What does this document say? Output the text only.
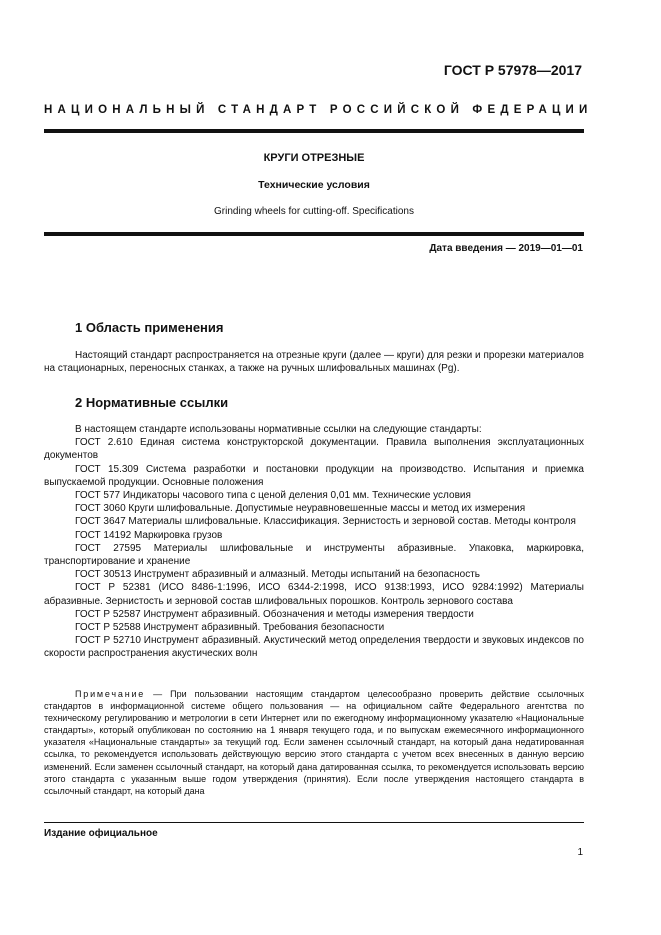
ГОСТ Р 57978—2017
НАЦИОНАЛЬНЫЙ СТАНДАРТ РОССИЙСКОЙ ФЕДЕРАЦИИ
КРУГИ ОТРЕЗНЫЕ
Технические условия
Grinding wheels for cutting-off. Specifications
Дата введения — 2019—01—01
1 Область применения

Настоящий стандарт распространяется на отрезные круги (далее — круги) для резки и прорезки материалов на стационарных, переносных станках, а также на ручных шлифовальных машинах (Pg).

2 Нормативные ссылки

В настоящем стандарте использованы нормативные ссылки на следующие стандарты:

ГОСТ 2.610 Единая система конструкторской документации. Правила выполнения эксплуатационных документов

ГОСТ 15.309 Система разработки и постановки продукции на производство. Испытания и приемка выпускаемой продукции. Основные положения

ГОСТ 577 Индикаторы часового типа с ценой деления 0,01 мм. Технические условия

ГОСТ 3060 Круги шлифовальные. Допустимые неуравновешенные массы и метод их измерения

ГОСТ 3647 Материалы шлифовальные. Классификация. Зернистость и зерновой состав. Методы контроля

ГОСТ 14192 Маркировка грузов

ГОСТ 27595 Материалы шлифовальные и инструменты абразивные. Упаковка, маркировка, транспортирование и хранение

ГОСТ 30513 Инструмент абразивный и алмазный. Методы испытаний на безопасность

ГОСТ Р 52381 (ИСО 8486-1:1996, ИСО 6344-2:1998, ИСО 9138:1993, ИСО 9284:1992) Материалы абразивные. Зернистость и зерновой состав шлифовальных порошков. Контроль зернового состава

ГОСТ Р 52587 Инструмент абразивный. Обозначения и методы измерения твердости

ГОСТ Р 52588 Инструмент абразивный. Требования безопасности

ГОСТ Р 52710 Инструмент абразивный. Акустический метод определения твердости и звуковых индексов по скорости распространения акустических волн

Примечание — При пользовании настоящим стандартом целесообразно проверить действие ссылочных стандартов в информационной системе общего пользования — на официальном сайте Федерального агентства по техническому регулированию и метрологии в сети Интернет или по ежегодному информационному указателю «Национальные стандарты», который опубликован по состоянию на 1 января текущего года, и по выпускам ежемесячного информационного указателя «Национальные стандарты» за текущий год. Если заменен ссылочный стандарт, на который дана недатированная ссылка, то рекомендуется использовать действующую версию этого стандарта с учетом всех внесенных в данную версию изменений. Если заменен ссылочный стандарт, на который дана датированная ссылка, то рекомендуется использовать версию этого стандарта с указанным выше годом утверждения (принятия). Если после утверждения настоящего стандарта в ссылочный стандарт, на который дана
Издание официальное
1
